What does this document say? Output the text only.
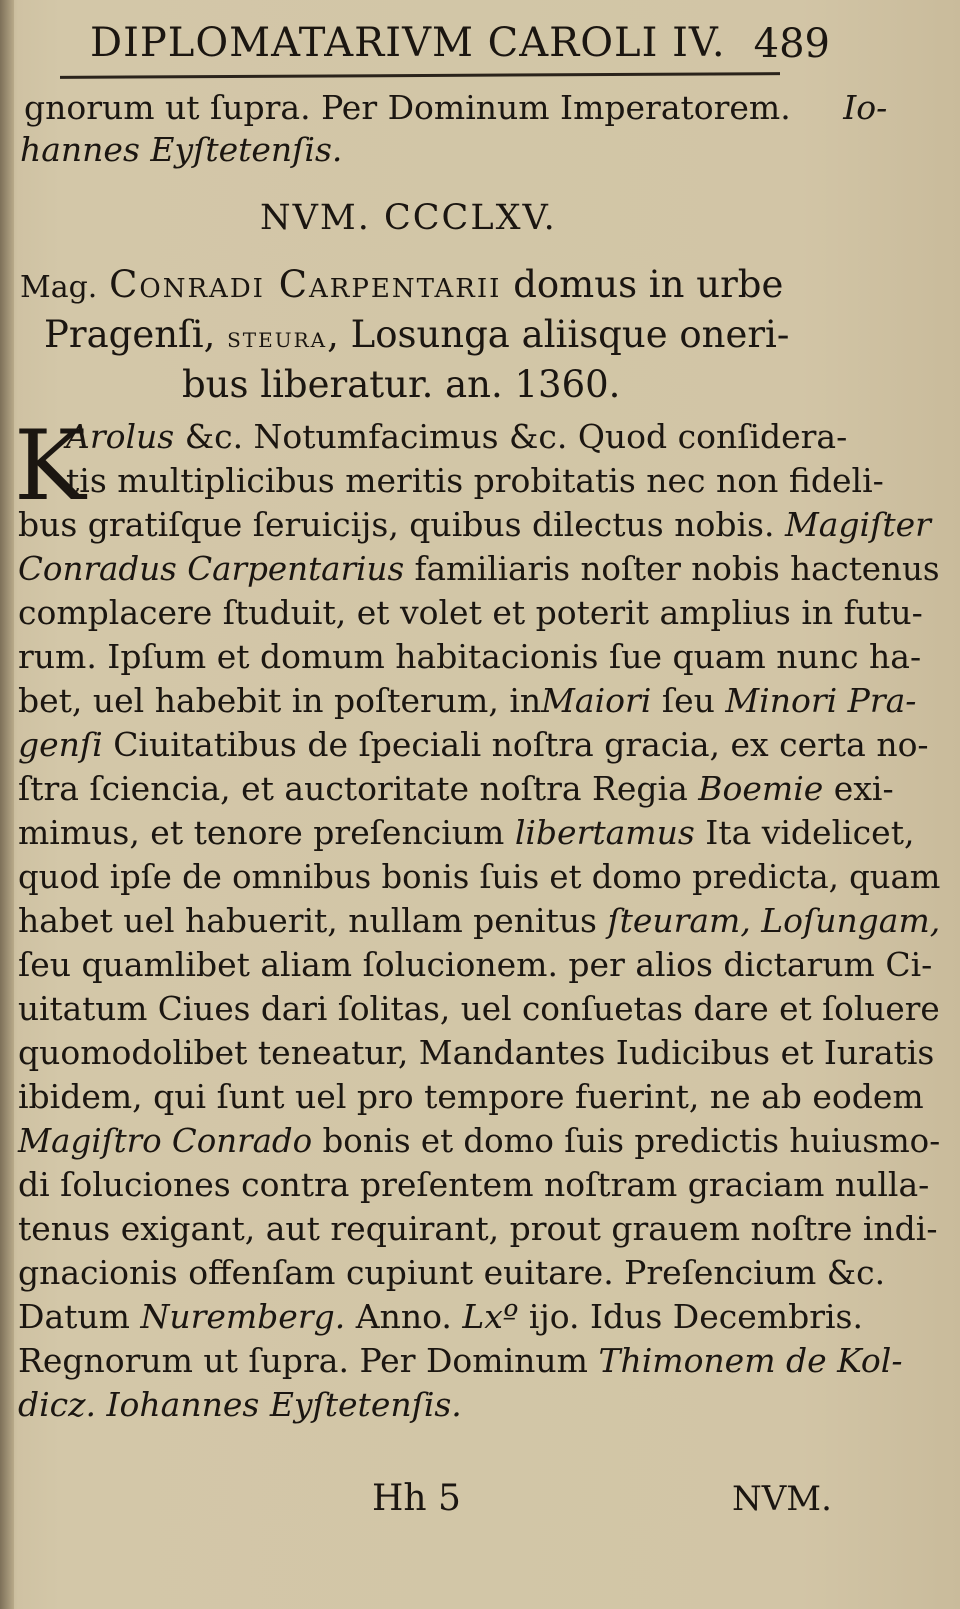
DIPLOMATARIVM CAROLI IV. 489
gnorum ut ſupra. Per Dominum Imperatorem. Io-
hannes Eyſtetenſis.
NVM. CCCLXV.
Mag. Conradi Carpentarii domus in urbe
Pragenſi, steura, Losunga aliisque oneri-
bus liberatur. an. 1360.
K
Arolus &c. Notumfacimus &c. Quod conſidera-
tis multiplicibus meritis probitatis nec non fideli-
bus gratiſque ſeruicijs, quibus dilectus nobis. Magiſter
Conradus Carpentarius familiaris noſter nobis hactenus
complacere ſtuduit, et volet et poterit amplius in futu-
rum. Ipſum et domum habitacionis ſue quam nunc ha-
bet, uel habebit in poſterum, inMaiori ſeu Minori Pra-
genſi Ciuitatibus de ſpeciali noſtra gracia, ex certa no-
ſtra ſciencia, et auctoritate noſtra Regia Boemie exi-
mimus, et tenore preſencium libertamus Ita videlicet,
quod ipſe de omnibus bonis ſuis et domo predicta, quam
habet uel habuerit, nullam penitus ſteuram, Loſungam,
ſeu quamlibet aliam ſolucionem. per alios dictarum Ci-
uitatum Ciues dari ſolitas, uel conſuetas dare et ſoluere
quomodolibet teneatur, Mandantes Iudicibus et Iuratis
ibidem, qui ſunt uel pro tempore fuerint, ne ab eodem
Magiſtro Conrado bonis et domo ſuis predictis huiusmo-
di ſoluciones contra preſentem noſtram graciam nulla-
tenus exigant, aut requirant, prout grauem noſtre indi-
gnacionis offenſam cupiunt euitare. Preſencium &c.
Datum Nuremberg. Anno. Lxº ijo. Idus Decembris.
Regnorum ut ſupra. Per Dominum Thimonem de Kol-
dicz. Iohannes Eyſtetenſis.
Hh 5	NVM.
